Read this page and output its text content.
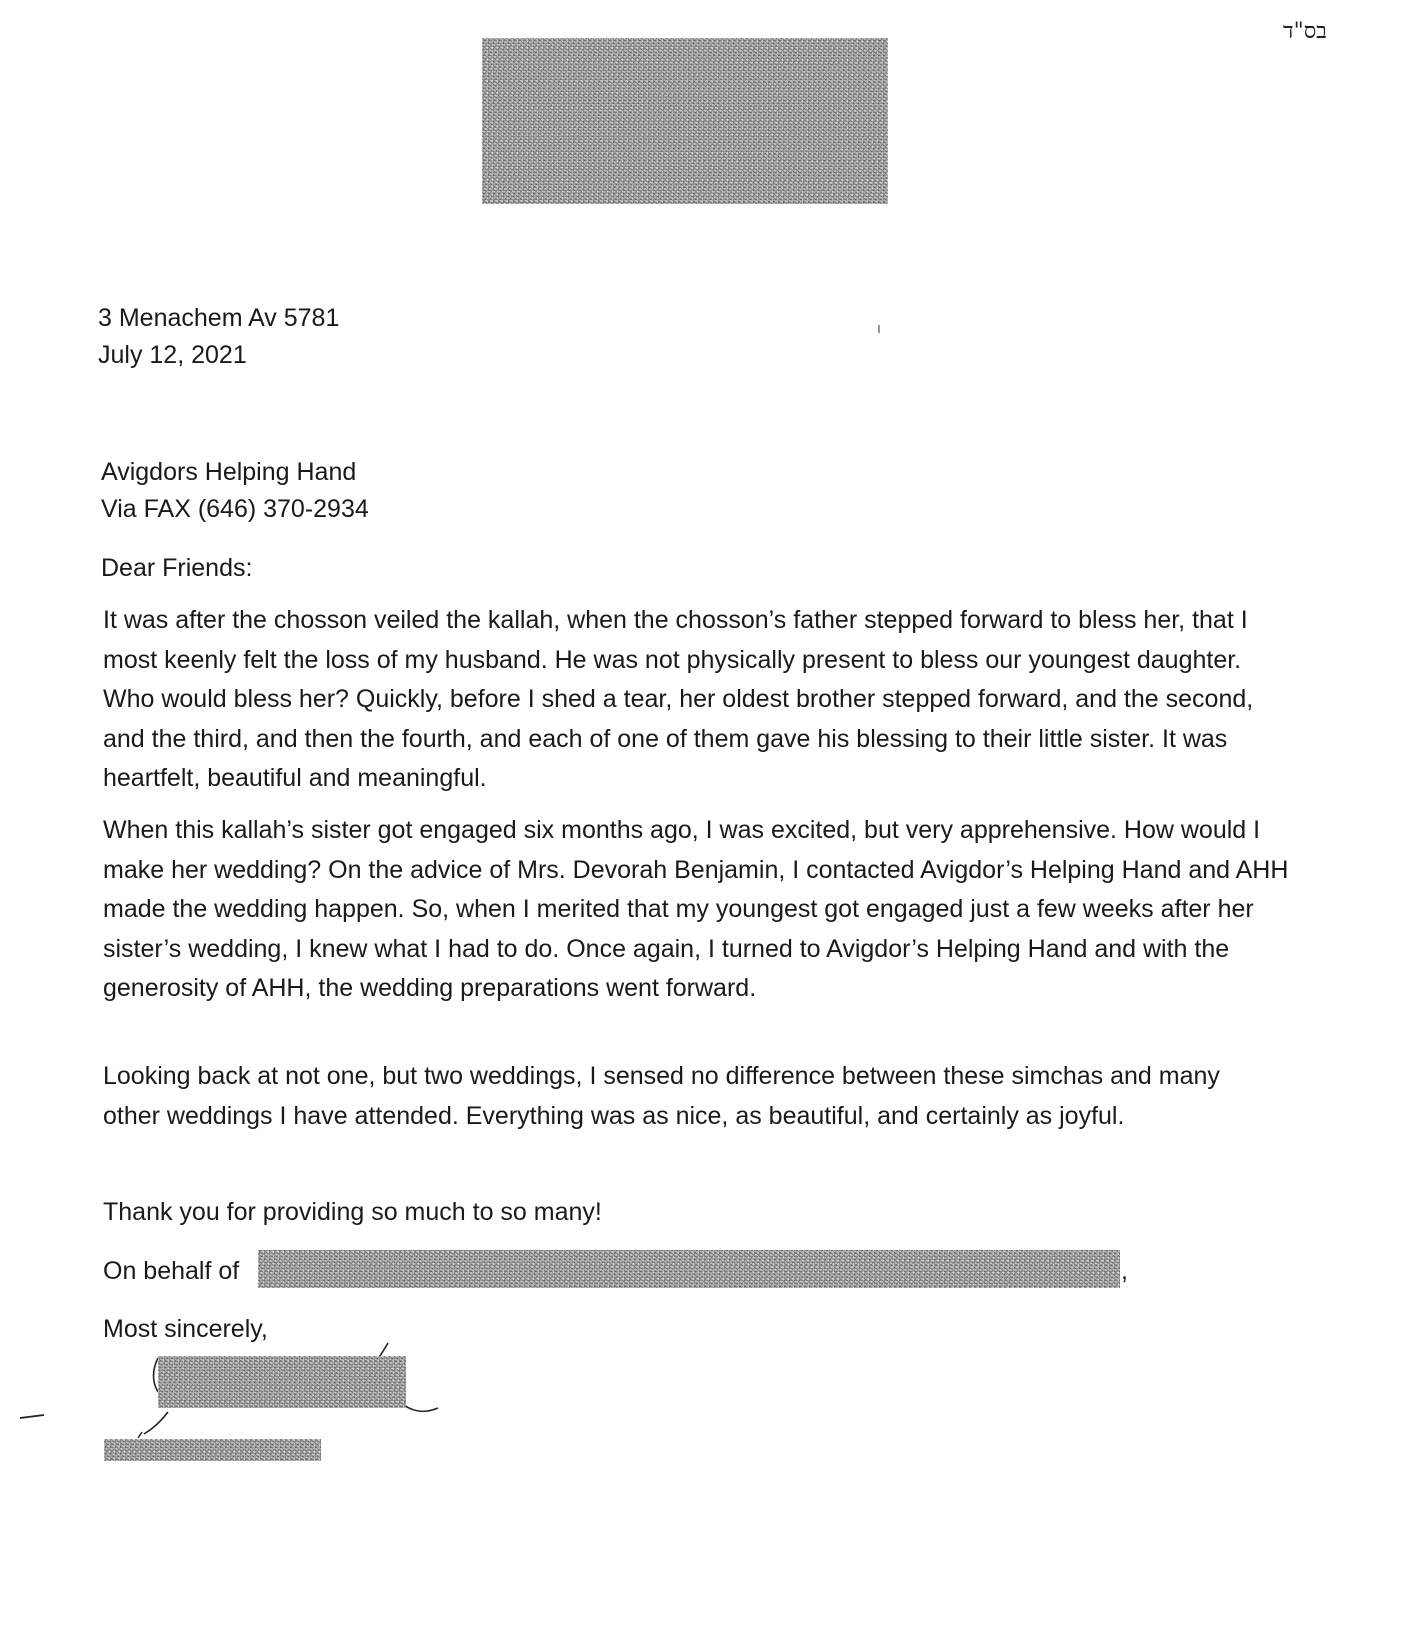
בס"ד
3 Menachem Av 5781
July 12, 2021
Avigdors Helping Hand
Via FAX (646) 370-2934
Dear Friends:

It was after the chosson veiled the kallah, when the chosson’s father stepped forward to bless her, that I most keenly felt the loss of my husband. He was not physically present to bless our youngest daughter. Who would bless her? Quickly, before I shed a tear, her oldest brother stepped forward, and the second, and the third, and then the fourth, and each of one of them gave his blessing to their little sister. It was heartfelt, beautiful and meaningful.

When this kallah’s sister got engaged six months ago, I was excited, but very apprehensive. How would I make her wedding? On the advice of Mrs. Devorah Benjamin, I contacted Avigdor’s Helping Hand and AHH made the wedding happen. So, when I merited that my youngest got engaged just a few weeks after her sister’s wedding, I knew what I had to do. Once again, I turned to Avigdor’s Helping Hand and with the generosity of AHH, the wedding preparations went forward.

Looking back at not one, but two weddings, I sensed no difference between these simchas and many other weddings I have attended. Everything was as nice, as beautiful, and certainly as joyful.

Thank you for providing so much to so many!
On behalf of	,
Most sincerely,
